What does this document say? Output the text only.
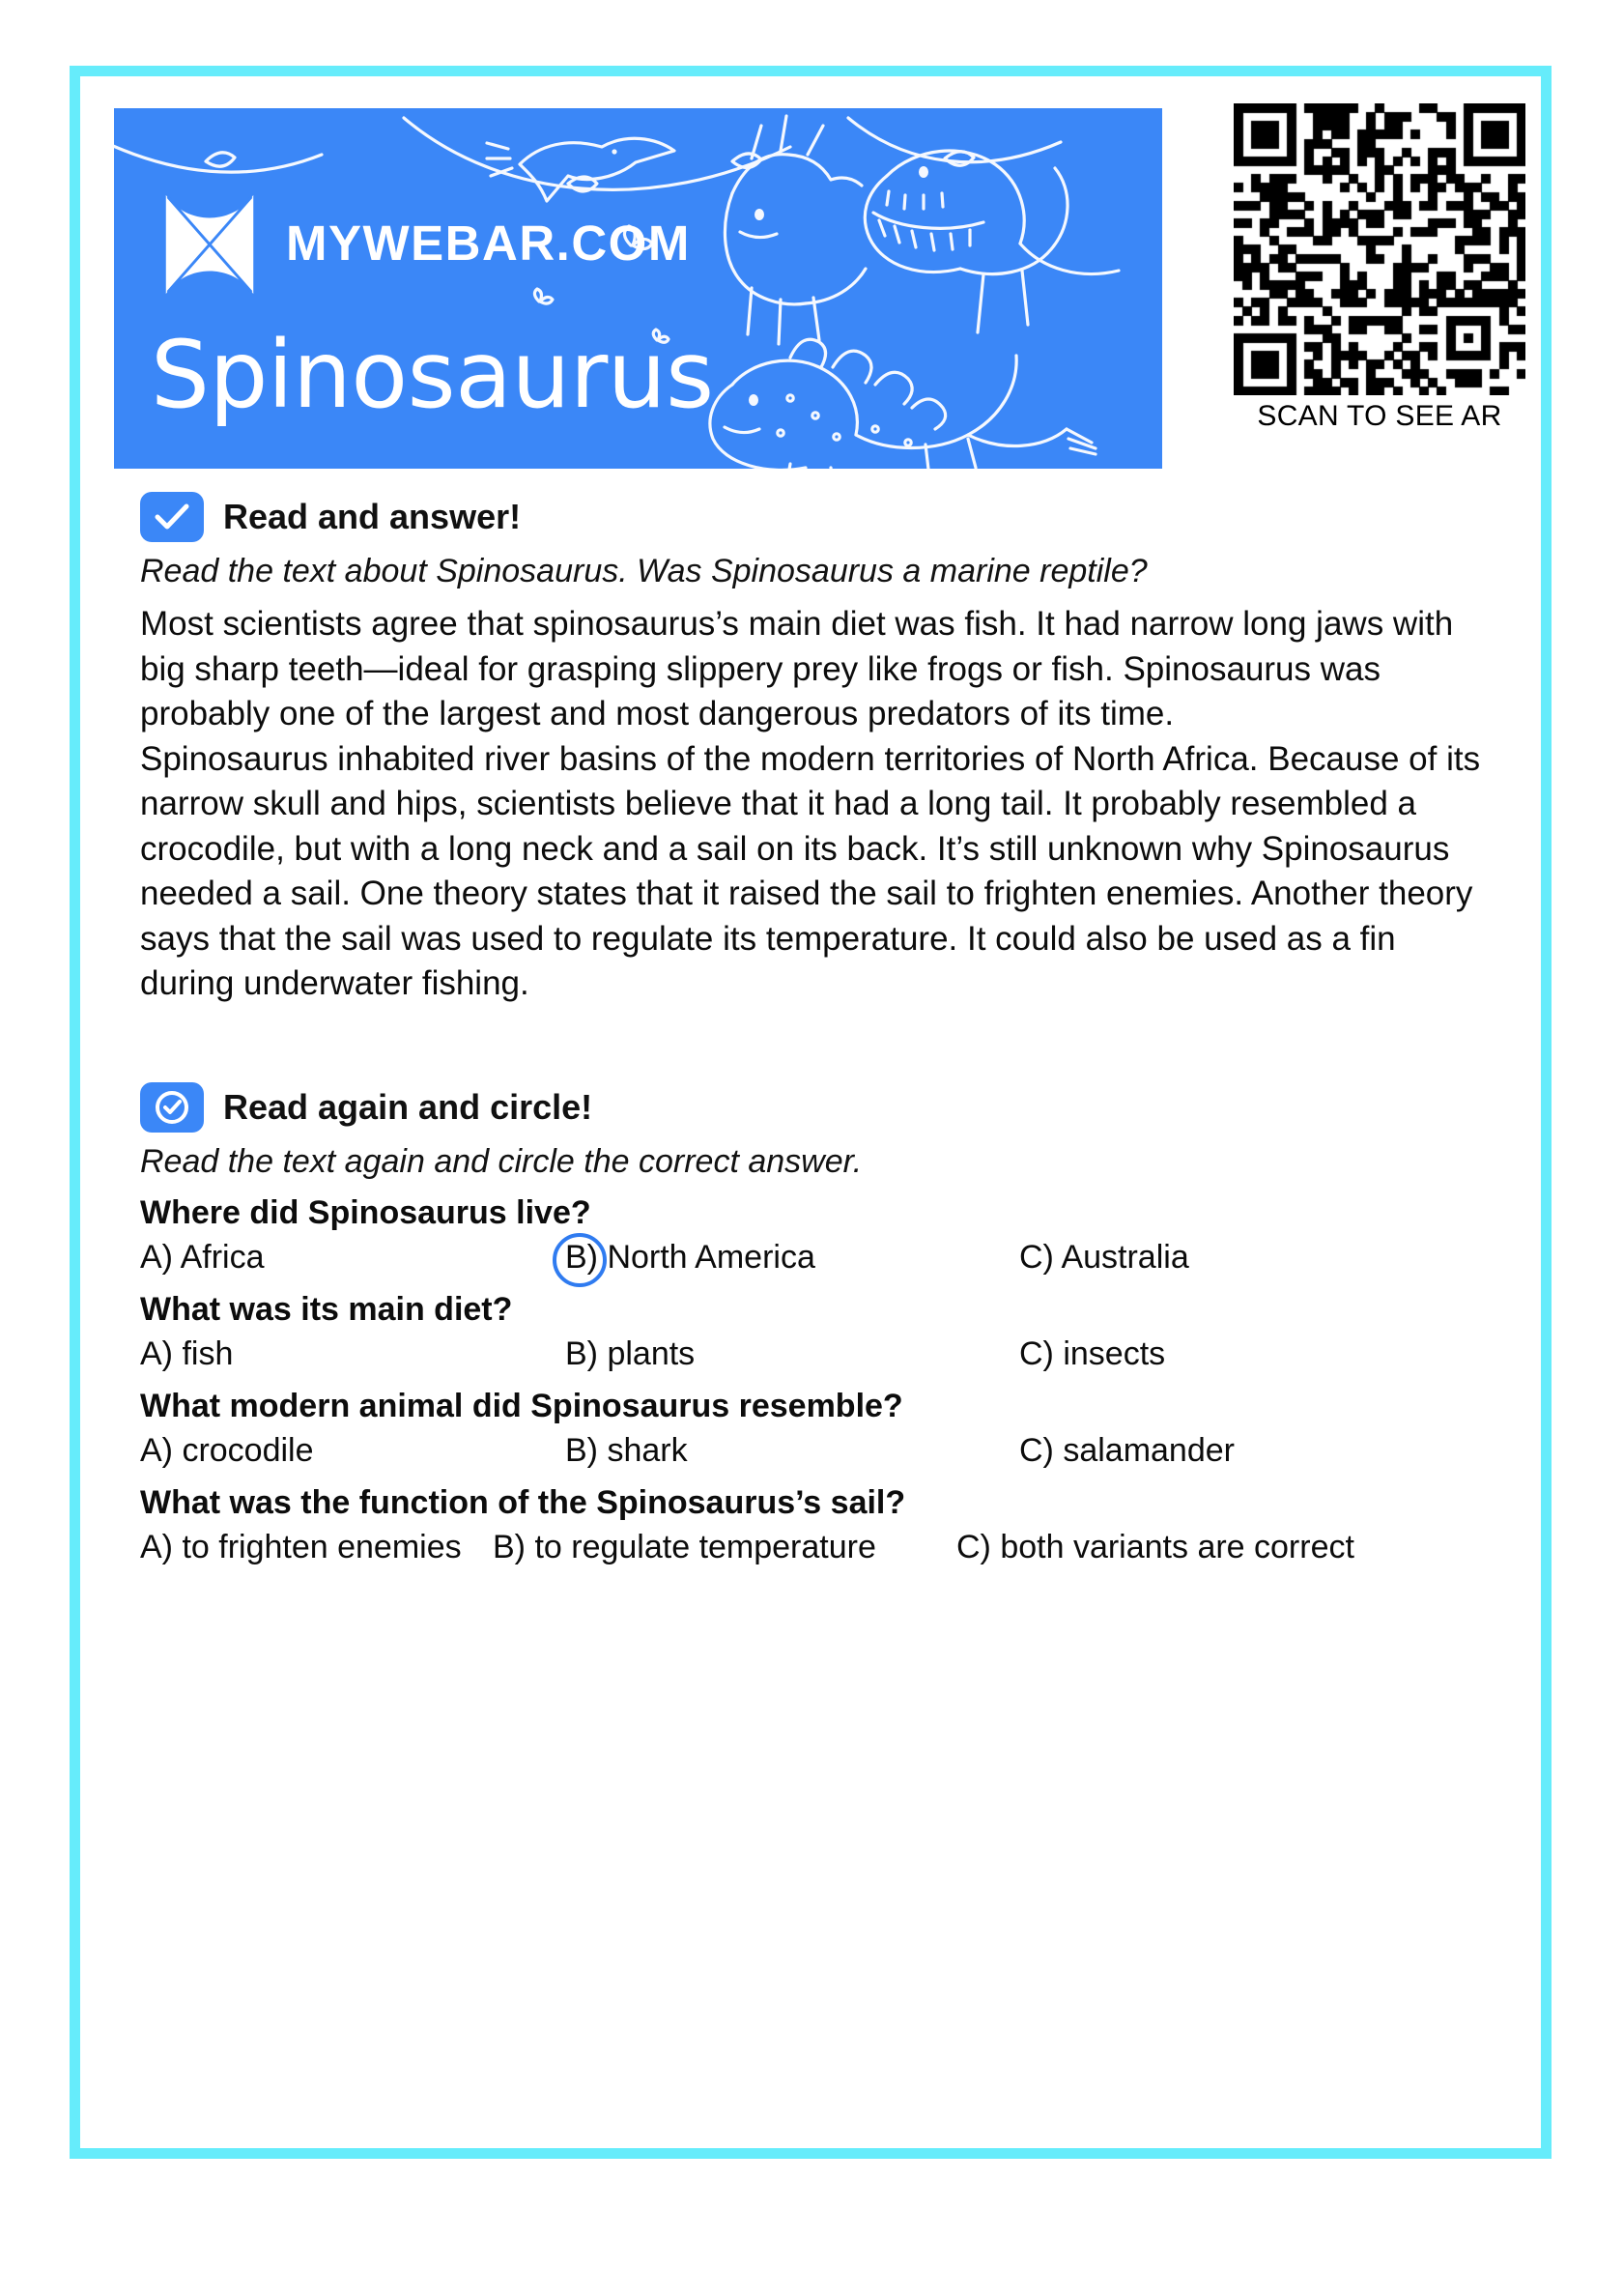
MYWEBAR.COM
Spinosaurus	SCAN TO SEE AR
Read and answer!
Read the text about Spinosaurus. Was Spinosaurus a marine reptile?

Most scientists agree that spinosaurus’s main diet was fish. It had narrow long jaws with big sharp teeth—ideal for grasping slippery prey like frogs or fish. Spinosaurus was probably one of the largest and most dangerous predators of its time.

Spinosaurus inhabited river basins of the modern territories of North Africa. Because of its narrow skull and hips, scientists believe that it had a long tail. It probably resembled a crocodile, but with a long neck and a sail on its back. It’s still unknown why Spinosaurus needed a sail. One theory states that it raised the sail to frighten enemies. Another theory says that the sail was used to regulate its temperature. It could also be used as a fin during underwater fishing.

Read again and circle!
Read the text again and circle the correct answer.
Where did Spinosaurus live?
A) Africa	B) North America	C) Australia
What was its main diet?
A) fish	B) plants	C) insects
What modern animal did Spinosaurus resemble?
A) crocodile	B) shark	C) salamander
What was the function of the Spinosaurus’s sail?
A) to frighten enemies B) to regulate temperature	C) both variants are correct
